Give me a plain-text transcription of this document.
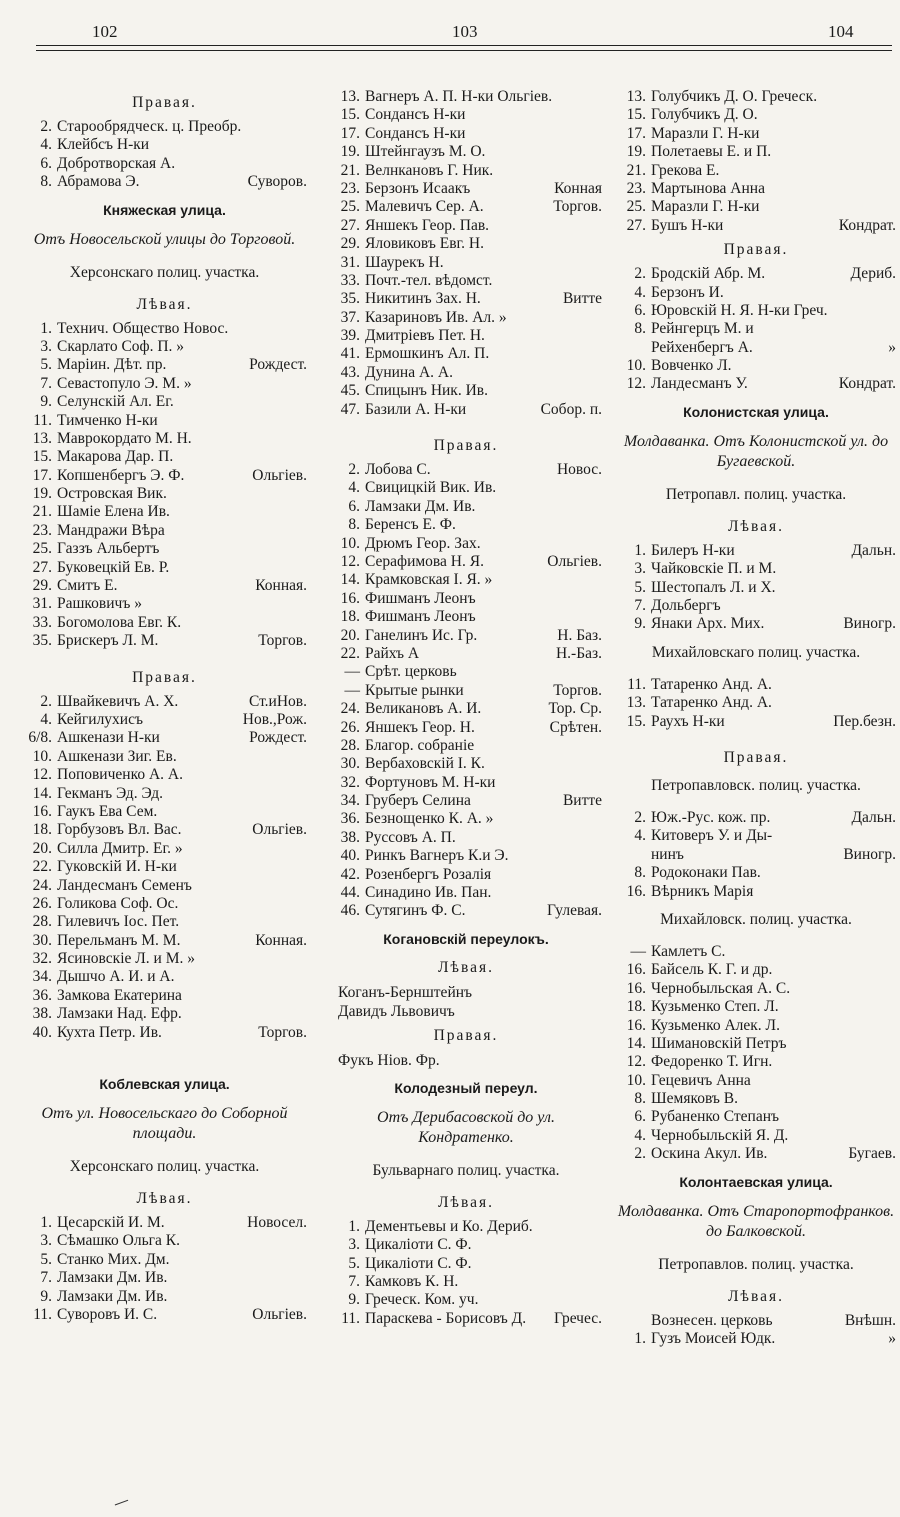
102	103	104
Правая.
2. Старообрядческ. ц. Преобр.
4. Клейбсъ Н-ки
6. Добротворская А.
8. Абрамова Э.	Суворов.
Княжеская улица.
Отъ Новосельской улицы до Торговой.
Херсонскаго полиц. участка.
Лѣвая.
1. Технич. Общество Новос.
3. Скарлато Соф. П. »
5. Маріин. Дѣт. пр.	Рождест.
7. Севастопуло Э. М. »
9. Селунскій Ал. Ег.
11. Тимченко Н-ки
13. Маврокордато М. Н.
15. Макарова Дар. П.
17. Копшенбергъ Э. Ф.	Ольгіев.
19. Островская Вик.
21. Шаміе Елена Ив.
23. Мандражи Вѣра
25. Газзъ Альбертъ
27. Буковецкій Ев. Р.
29. Смитъ Е.	Конная.
31. Рашковичъ »
33. Богомолова Евг. К.
35. Брискеръ Л. М.	Торгов.
Правая.
2. Швайкевичъ А. Х.	Ст.иНов.
4. Кейгилухисъ	Нов.,Рож.
6/8. Ашкенази Н-ки	Рождест.
10. Ашкенази Зиг. Ев.
12. Поповиченко А. А.
14. Гекманъ Эд. Эд.
16. Гаукъ Ева Сем.
18. Горбузовъ Вл. Вас.	Ольгіев.
20. Силла Дмитр. Ег. »
22. Гуковскій И. Н-ки
24. Ландесманъ Семенъ
26. Голикова Соф. Ос.
28. Гилевичъ Іос. Пет.
30. Перельманъ М. М.	Конная.
32. Ясиновскіе Л. и М. »
34. Дышчо А. И. и А.
36. Замкова Екатерина
38. Ламзаки Над. Ефр.
40. Кухта Петр. Ив.	Торгов.
Коблевская улица.
Отъ ул. Новосельскаго до Соборной площади.
Херсонскаго полиц. участка.
Лѣвая.
1. Цесарскій И. М.	Новосел.
3. Сѣмашко Ольга К.
5. Станко Мих. Дм.
7. Ламзаки Дм. Ив.
9. Ламзаки Дм. Ив.
11. Суворовъ И. С.	Ольгіев.
13. Вагнеръ А. П. Н-ки Ольгіев.
15. Сондансъ Н-ки
17. Сондансъ Н-ки
19. Штейнгаузъ М. О.
21. Велнкановъ Г. Ник.
23. Берзонъ Исаакъ	Конная
25. Малевичъ Сер. А.	Торгов.
27. Яншекъ Геор. Пав.
29. Яловиковъ Евг. Н.
31. Шаурекъ Н.
33. Почт.-тел. вѣдомст.
35. Никитинъ Зах. Н.	Витте
37. Казариновъ Ив. Ал. »
39. Дмитріевъ Пет. Н.
41. Ермошкинъ Ал. П.
43. Дунина А. А.
45. Спицынъ Ник. Ив.
47. Базили А. Н-ки	Собор. п.
Правая.
2. Лобова С.	Новос.
4. Свицицкій Вик. Ив.
6. Ламзаки Дм. Ив.
8. Беренсъ Е. Ф.
10. Дрюмъ Геор. Зах.
12. Серафимова Н. Я.	Ольгіев.
14. Крамковская І. Я. »
16. Фишманъ Леонъ
18. Фишманъ Леонъ
20. Ганелинъ Ис. Гр.	Н. Баз.
22. Райхъ А	Н.-Баз.
— Срѣт. церковь
— Крытые рынки	Торгов.
24. Великановъ А. И.	Тор. Ср.
26. Яншекъ Геор. Н.	Срѣтен.
28. Благор. собраніе
30. Вербаховскій І. К.
32. Фортуновъ М. Н-ки
34. Груберъ Селина	Витте
36. Безнощенко К. А. »
38. Руссовъ А. П.
40. Ринкъ Вагнеръ К.и Э.
42. Розенбергъ Розалія
44. Синадино Ив. Пан.
46. Сутягинъ Ф. С.	Гулевая.
Когановскій переулокъ.
Лѣвая.
Коганъ-Бернштейнъ
Давидъ Львовичъ
Правая.
Фукъ Ніов. Фр.
Колодезный переул.
Отъ Дерибасовской до ул. Кондратенко.
Бульварнаго полиц. участка.
Лѣвая.
1. Дементьевы и Ко. Дериб.
3. Цикаліоти С. Ф.
5. Цикаліоти С. Ф.
7. Камковъ К. Н.
9. Греческ. Ком. уч.
11. Параскева - Борисовъ Д.	Гречес.
13. Голубчикъ Д. О. Греческ.
15. Голубчикъ Д. О.
17. Маразли Г. Н-ки
19. Полетаевы Е. и П.
21. Грекова Е.
23. Мартынова Анна
25. Маразли Г. Н-ки
27. Бушъ Н-ки	Кондрат.
Правая.
2. Бродскій Абр. М.	Дериб.
4. Берзонъ И.
6. Юровскій Н. Я. Н-ки Греч.
8. Рейнгерцъ М. и
Рейхенбергъ А.	»
10. Вовченко Л.
12. Ландесманъ У.	Кондрат.
Колонистская улица.
Молдаванка. Отъ Колонистской ул. до Бугаевской.
Петропавл. полиц. участка.
Лѣвая.
1. Билеръ Н-ки	Дальн.
3. Чайковскіе П. и М.
5. Шестопалъ Л. и Х.
7. Дольбергъ
9. Янаки Арх. Мих.	Виногр.
Михайловскаго полиц. участка.
11. Татаренко Анд. А.
13. Татаренко Анд. А.
15. Раухъ Н-ки	Пер.безн.
Правая.
Петропавловск. полиц. участка.
2. Юж.-Рус. кож. пр.	Дальн.
4. Китоверъ У. и Ды-
нинъ	Виногр.
8. Родоконаки Пав.
16. Вѣрникъ Марія
Михайловск. полиц. участка.
— Камлетъ С.
16. Байсель К. Г. и др.
16. Чернобыльская А. С.
18. Кузьменко Степ. Л.
16. Кузьменко Алек. Л.
14. Шимановскій Петръ
12. Федоренко Т. Игн.
10. Гецевичъ Анна
8. Шемяковъ В.
6. Рубаненко Степанъ
4. Чернобыльскій Я. Д.
2. Оскина Акул. Ив.	Бугаев.
Колонтаевская улица.
Молдаванка. Отъ Старопортофранков. до Балковской.
Петропавлов. полиц. участка.
Лѣвая.
Вознесен. церковь	Внѣшн.
1. Гузъ Моисей Юдк.	»
